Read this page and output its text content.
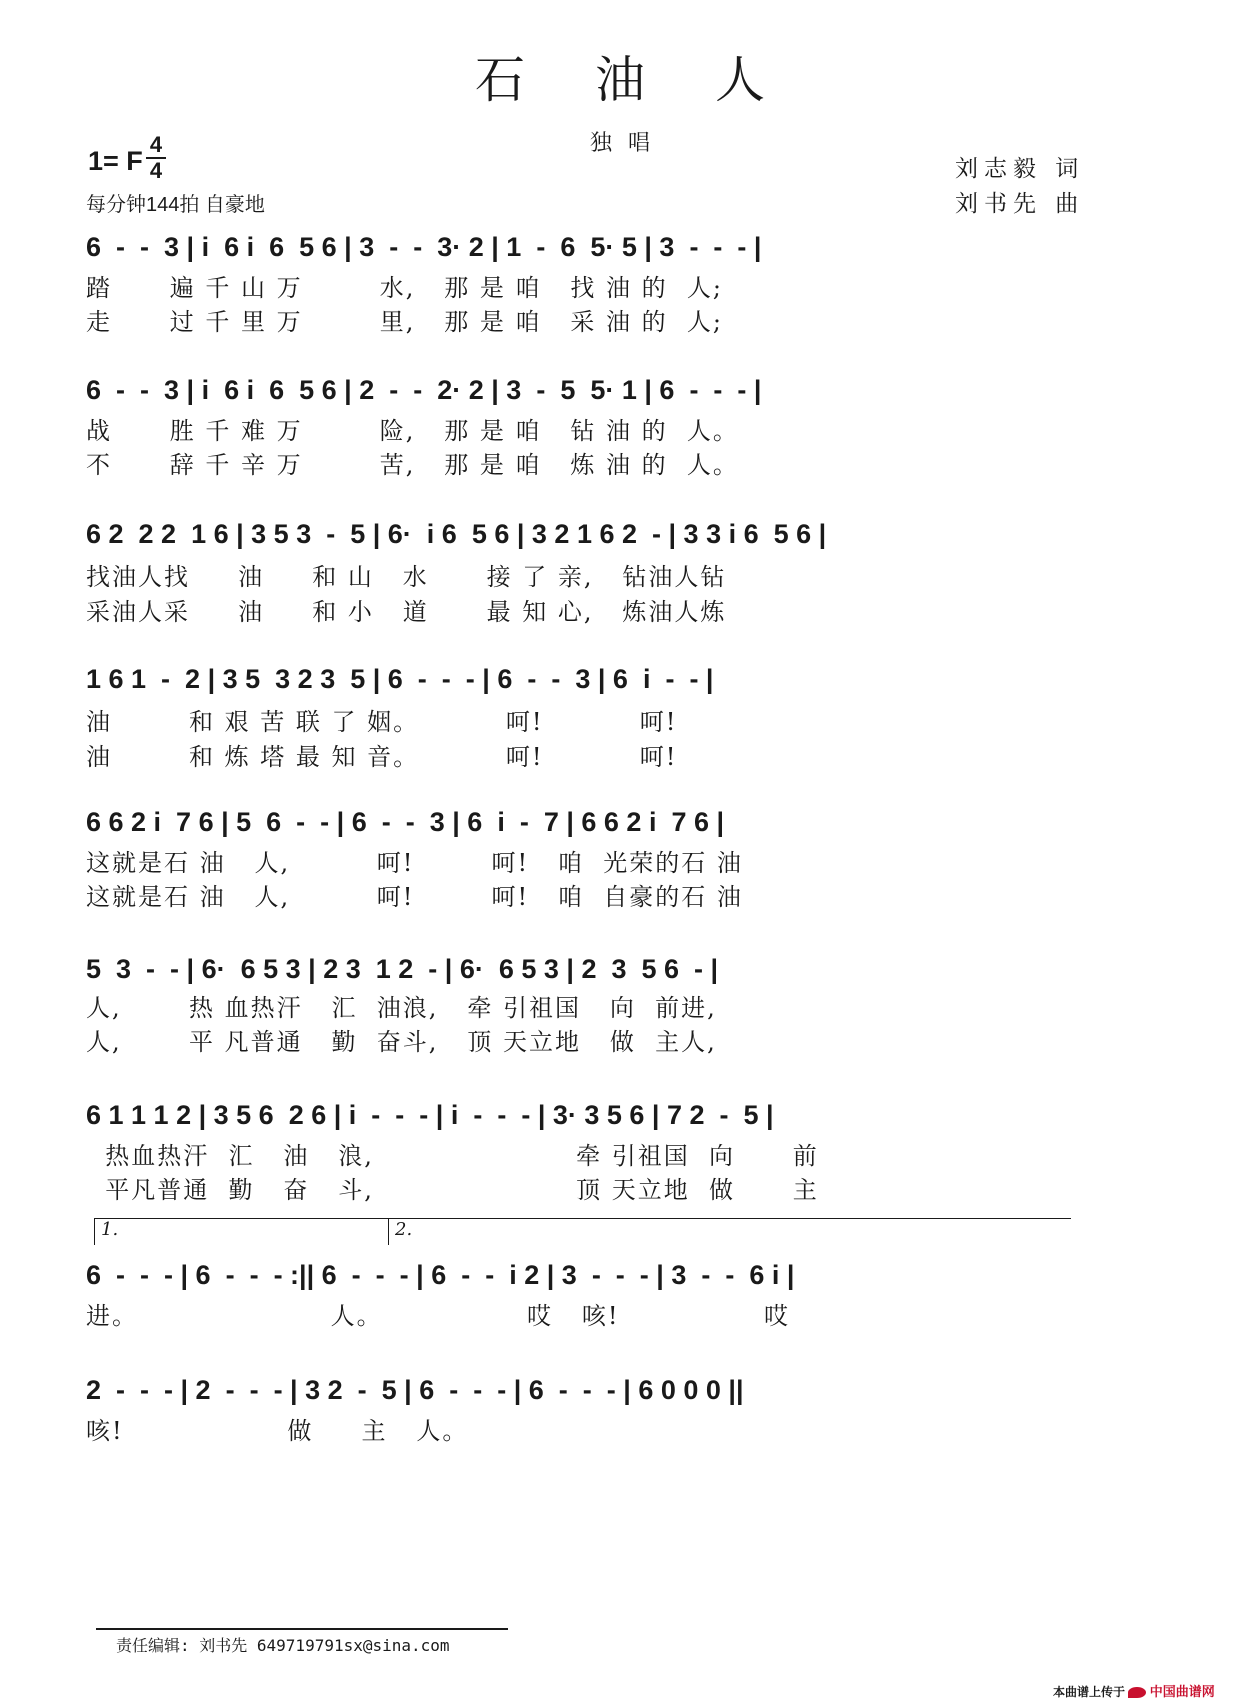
石油人
独唱
1= F
4
4
每分钟144拍 自豪地
刘志毅 词
刘书先 曲
6  -  -  3 | i  6 i  6  5 6 | 3  -  -  3· 2 | 1  -  6  5· 5 | 3  -  -  - |
踏      遍 千 山 万        水,   那 是 咱   找 油 的  人;
走      过 千 里 万        里,   那 是 咱   采 油 的  人;
6  -  -  3 | i  6 i  6  5 6 | 2  -  -  2· 2 | 3  -  5  5· 1 | 6  -  -  - |
战      胜 千 难 万        险,   那 是 咱   钻 油 的  人。
不      辞 千 辛 万        苦,   那 是 咱   炼 油 的  人。
6 2  2 2  1 6 | 3 5 3  -  5 | 6·  i 6  5 6 | 3 2 1 6 2  - | 3 3 i 6  5 6 |
找油人找     油     和 山   水      接 了 亲,   钻油人钻
采油人采     油     和 小   道      最 知 心,   炼油人炼
1 6 1  -  2 | 3 5  3 2 3  5 | 6  -  -  - | 6  -  -  3 | 6  i  -  - |
油        和 艰 苦 联 了 姻。         呵!          呵!
油        和 炼 塔 最 知 音。         呵!          呵!
6 6 2 i  7 6 | 5  6  -  - | 6  -  -  3 | 6  i  -  7 | 6 6 2 i  7 6 |
这就是石 油   人,         呵!        呵!   咱  光荣的石 油
这就是石 油   人,         呵!        呵!   咱  自豪的石 油
5  3  -  - | 6·  6 5 3 | 2 3  1 2  - | 6·  6 5 3 | 2  3  5 6  - |
人,       热 血热汗   汇  油浪,   牵 引祖国   向  前进,
人,       平 凡普通   勤  奋斗,   顶 天立地   做  主人,
6 1 1 1 2 | 3 5 6  2 6 | i  -  -  - | i  -  -  - | 3· 3 5 6 | 7 2  -  5 |
热血热汗  汇   油   浪,                     牵 引祖国  向      前
平凡普通  勤   奋   斗,                     顶 天立地  做      主
1.	2.
6  -  -  - | 6  -  -  - :|| 6  -  -  - | 6  -  -  i 2 | 3  -  -  - | 3  -  -  6 i |
进。                    人。               哎   咳!               哎
2  -  -  - | 2  -  -  - | 3 2  -  5 | 6  -  -  - | 6  -  -  - | 6 0 0 0 ||
咳!                 做     主   人。
责任编辑: 刘书先 649719791sx@sina.com
本曲谱上传于 中国曲谱网
